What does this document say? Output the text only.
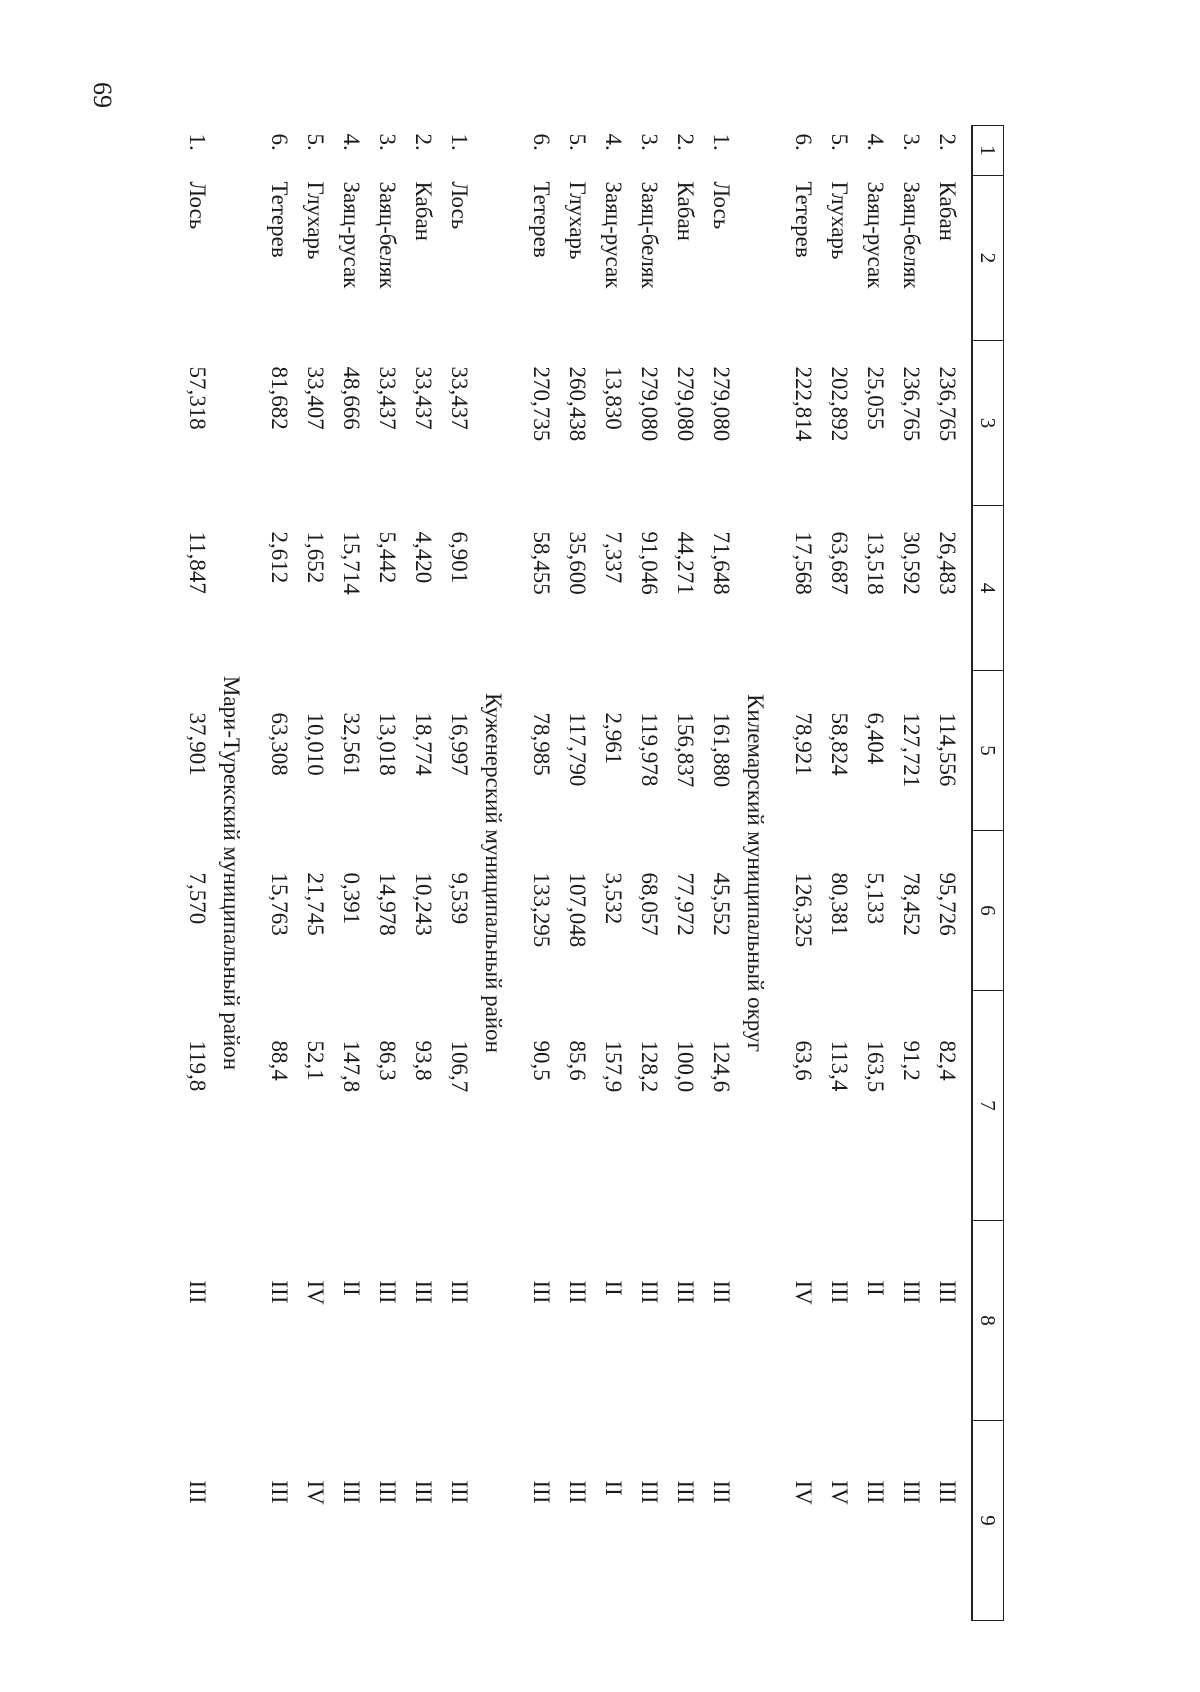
69
1	2	3	4	5	6	7	8	9
2.	Кабан	236,765	26,483	114,556	95,726	82,4	III	III
3.	Заяц-беляк	236,765	30,592	127,721	78,452	91,2	III	III
4.	Заяц-русак	25,055	13,518	6,404	5,133	163,5	II	III
5.	Глухарь	202,892	63,687	58,824	80,381	113,4	III	IV
6.	Тетерев	222,814	17,568	78,921	126,325	63,6	IV	IV

Килемарский муниципальный округ								
1.	Лось	279,080	71,648	161,880	45,552	124,6	III	III
2.	Кабан	279,080	44,271	156,837	77,972	100,0	III	III
3.	Заяц-беляк	279,080	91,046	119,978	68,057	128,2	III	III
4.	Заяц-русак	13,830	7,337	2,961	3,532	157,9	II	II
5.	Глухарь	260,438	35,600	117,790	107,048	85,6	III	III
6.	Тетерев	270,735	58,455	78,985	133,295	90,5	III	III

Куженерский муниципальный район								
1.	Лось	33,437	6,901	16,997	9,539	106,7	III	III
2.	Кабан	33,437	4,420	18,774	10,243	93,8	III	III
3.	Заяц-беляк	33,437	5,442	13,018	14,978	86,3	III	III
4.	Заяц-русак	48,666	15,714	32,561	0,391	147,8	II	III
5.	Глухарь	33,407	1,652	10,010	21,745	52,1	IV	IV
6.	Тетерев	81,682	2,612	63,308	15,763	88,4	III	III

Мари-Турекский муниципальный район								
1.	Лось	57,318	11,847	37,901	7,570	119,8	III	III
